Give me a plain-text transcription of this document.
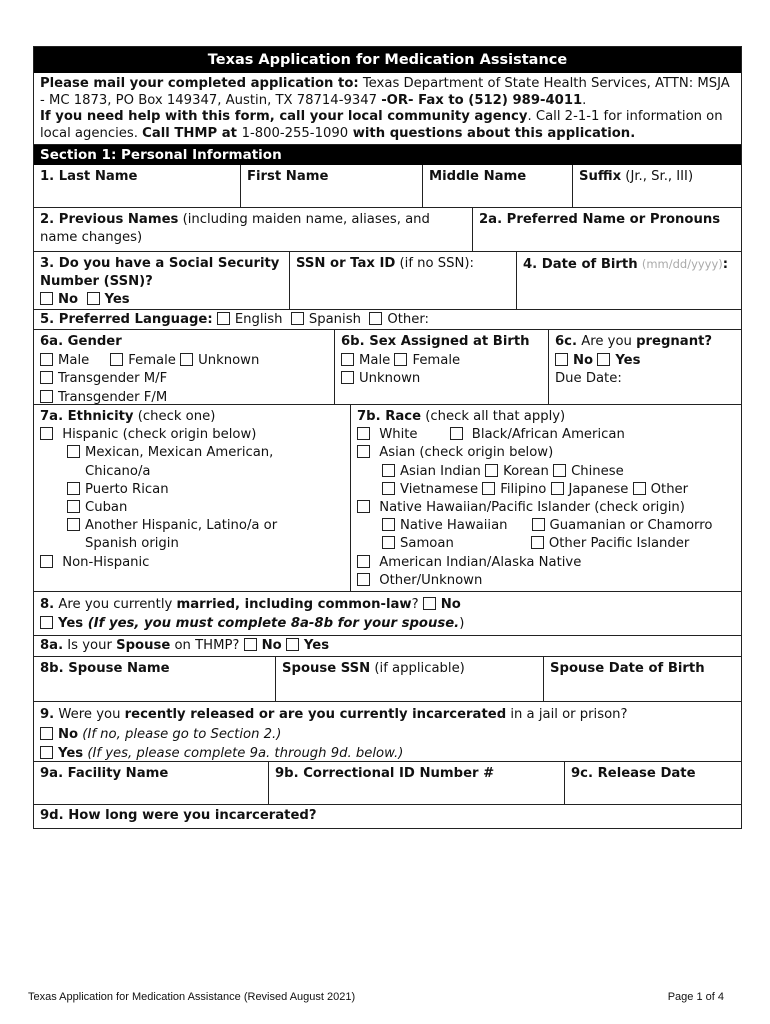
Texas Application for Medication Assistance
Please mail your completed application to: Texas Department of State Health Services, ATTN: MSJA - MC 1873, PO Box 149347, Austin, TX 78714-9347 -OR- Fax to (512) 989-4011.
If you need help with this form, call your local community agency. Call 2-1-1 for information on local agencies. Call THMP at 1-800-255-1090 with questions about this application.
Section 1: Personal Information
1. Last Name	First Name	Middle Name	Suffix (Jr., Sr., III)
2. Previous Names (including maiden name, aliases, and name changes)
2a. Preferred Name or Pronouns
3. Do you have a Social Security Number (SSN)?
No Yes
SSN or Tax ID (if no SSN):	4. Date of Birth (mm/dd/yyyy):
5. Preferred Language: English Spanish Other:
6a. Gender
Male	Female Unknown
Transgender M/F
Transgender F/M
6b. Sex Assigned at Birth
Male Female
Unknown
6c. Are you pregnant?
No Yes
Due Date:
7a. Ethnicity (check one)
Hispanic (check origin below)
Mexican, Mexican American,
Chicano/a
Puerto Rican
Cuban
Another Hispanic, Latino/a or
Spanish origin
Non-Hispanic
7b. Race (check all that apply)
White	Black/African American
Asian (check origin below)
Asian Indian Korean Chinese
Vietnamese Filipino Japanese Other
Native Hawaiian/Pacific Islander (check origin)
Native Hawaiian	Guamanian or Chamorro
Samoan	Other Pacific Islander
American Indian/Alaska Native
Other/Unknown
8. Are you currently married, including common-law? No
Yes (If yes, you must complete 8a-8b for your spouse.)
8a. Is your Spouse on THMP? No Yes
8b. Spouse Name	Spouse SSN (if applicable)	Spouse Date of Birth
9. Were you recently released or are you currently incarcerated in a jail or prison?
No (If no, please go to Section 2.)
Yes (If yes, please complete 9a. through 9d. below.)
9a. Facility Name	9b. Correctional ID Number #	9c. Release Date
9d. How long were you incarcerated?
Texas Application for Medication Assistance (Revised August 2021)	Page 1 of 4
